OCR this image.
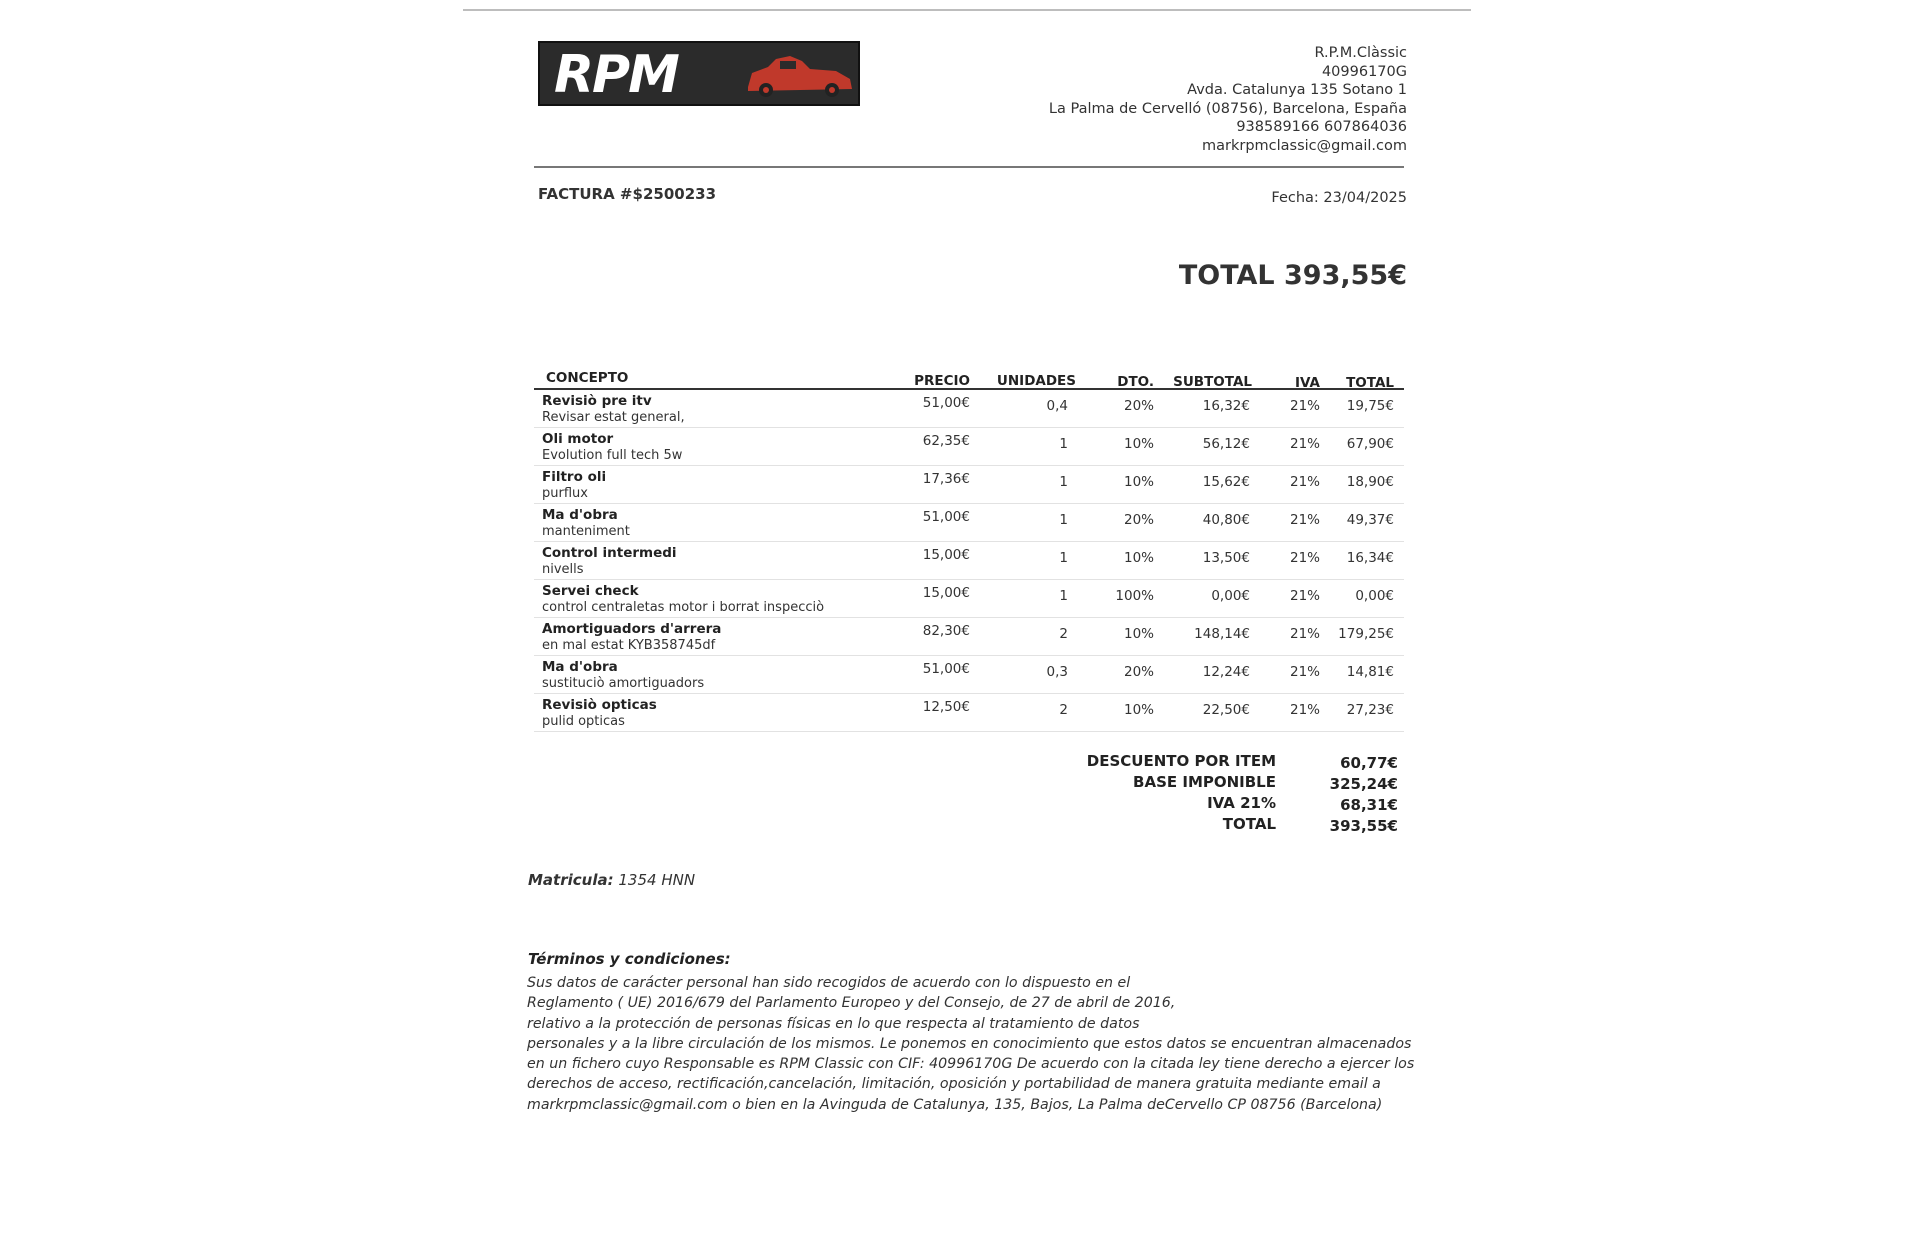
RPM	R.P.M.Clàssic
40996170G
Avda. Catalunya 135 Sotano 1
La Palma de Cervelló (08756), Barcelona, España
938589166 607864036
markrpmclassic@gmail.com
FACTURA #$2500233	Fecha: 23/04/2025
TOTAL 393,55€
CONCEPTO	PRECIO UNIDADES	DTO. SUBTOTAL	IVA TOTAL
Revisiò pre itv
Revisar estat general,
51,00€	0,4	20%	16,32€	21% 19,75€
Oli motor
Evolution full tech 5w
62,35€	1	10%	56,12€	21% 67,90€
Filtro oli
purflux
17,36€	1	10%	15,62€	21% 18,90€
Ma d'obra
manteniment
51,00€	1	20%	40,80€	21% 49,37€
Control intermedi
nivells
15,00€	1	10%	13,50€	21% 16,34€
Servei check
control centraletas motor i borrat inspecciò
15,00€	1	100%	0,00€	21%	0,00€
Amortiguadors d'arrera
en mal estat KYB358745df
82,30€	2	10%	148,14€	21% 179,25€
Ma d'obra
sustituciò amortiguadors
51,00€	0,3	20%	12,24€	21% 14,81€
Revisiò opticas
pulid opticas
12,50€	2	10%	22,50€	21% 27,23€
DESCUENTO POR ITEM	60,77€
BASE IMPONIBLE	325,24€
IVA 21%	68,31€
TOTAL	393,55€
Matricula: 1354 HNN
Términos y condiciones:
Sus datos de carácter personal han sido recogidos de acuerdo con lo dispuesto en el
Reglamento ( UE) 2016/679 del Parlamento Europeo y del Consejo, de 27 de abril de 2016,
relativo a la protección de personas físicas en lo que respecta al tratamiento de datos
personales y a la libre circulación de los mismos. Le ponemos en conocimiento que estos datos se encuentran almacenados
en un fichero cuyo Responsable es RPM Classic con CIF: 40996170G De acuerdo con la citada ley tiene derecho a ejercer los
derechos de acceso, rectificación,cancelación, limitación, oposición y portabilidad de manera gratuita mediante email a
markrpmclassic@gmail.com o bien en la Avinguda de Catalunya, 135, Bajos, La Palma deCervello CP 08756 (Barcelona)
